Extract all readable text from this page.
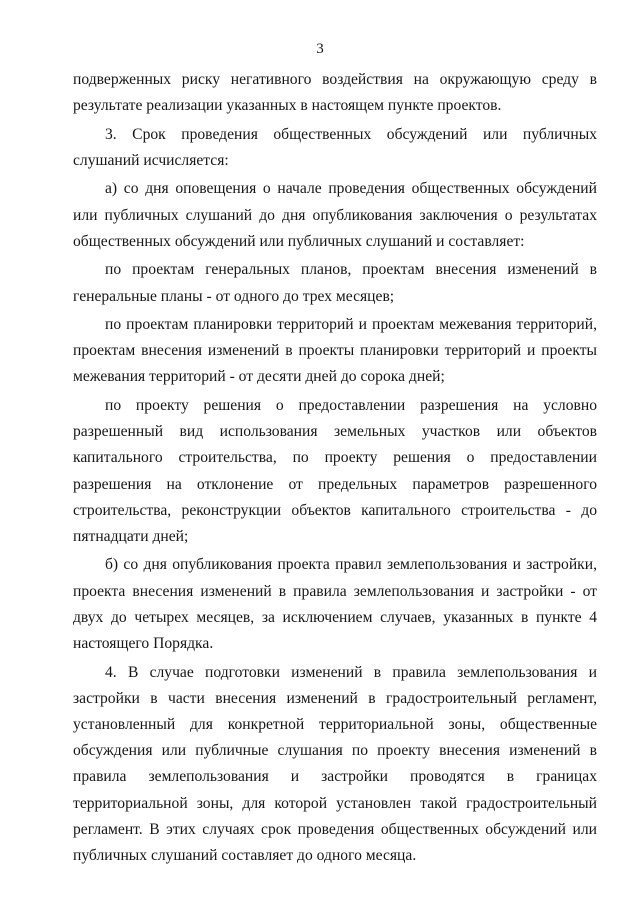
3

подверженных риску негативного воздействия на окружающую среду в результате реализации указанных в настоящем пункте проектов.

3. Срок проведения общественных обсуждений или публичных слушаний исчисляется:

а) со дня оповещения о начале проведения общественных обсуждений или публичных слушаний до дня опубликования заключения о результатах общественных обсуждений или публичных слушаний и составляет:

по проектам генеральных планов, проектам внесения изменений в генеральные планы - от одного до трех месяцев;

по проектам планировки территорий и проектам межевания территорий, проектам внесения изменений в проекты планировки территорий и проекты межевания территорий - от десяти дней до сорока дней;

по проекту решения о предоставлении разрешения на условно разрешенный вид использования земельных участков или объектов капитального строительства, по проекту решения о предоставлении разрешения на отклонение от предельных параметров разрешенного строительства, реконструкции объектов капитального строительства - до пятнадцати дней;

б) со дня опубликования проекта правил землепользования и застройки, проекта внесения изменений в правила землепользования и застройки - от двух до четырех месяцев, за исключением случаев, указанных в пункте 4 настоящего Порядка.

4. В случае подготовки изменений в правила землепользования и застройки в части внесения изменений в градостроительный регламент, установленный для конкретной территориальной зоны, общественные обсуждения или публичные слушания по проекту внесения изменений в правила землепользования и застройки проводятся в границах территориальной зоны, для которой установлен такой градостроительный регламент. В этих случаях срок проведения общественных обсуждений или публичных слушаний составляет до одного месяца.
